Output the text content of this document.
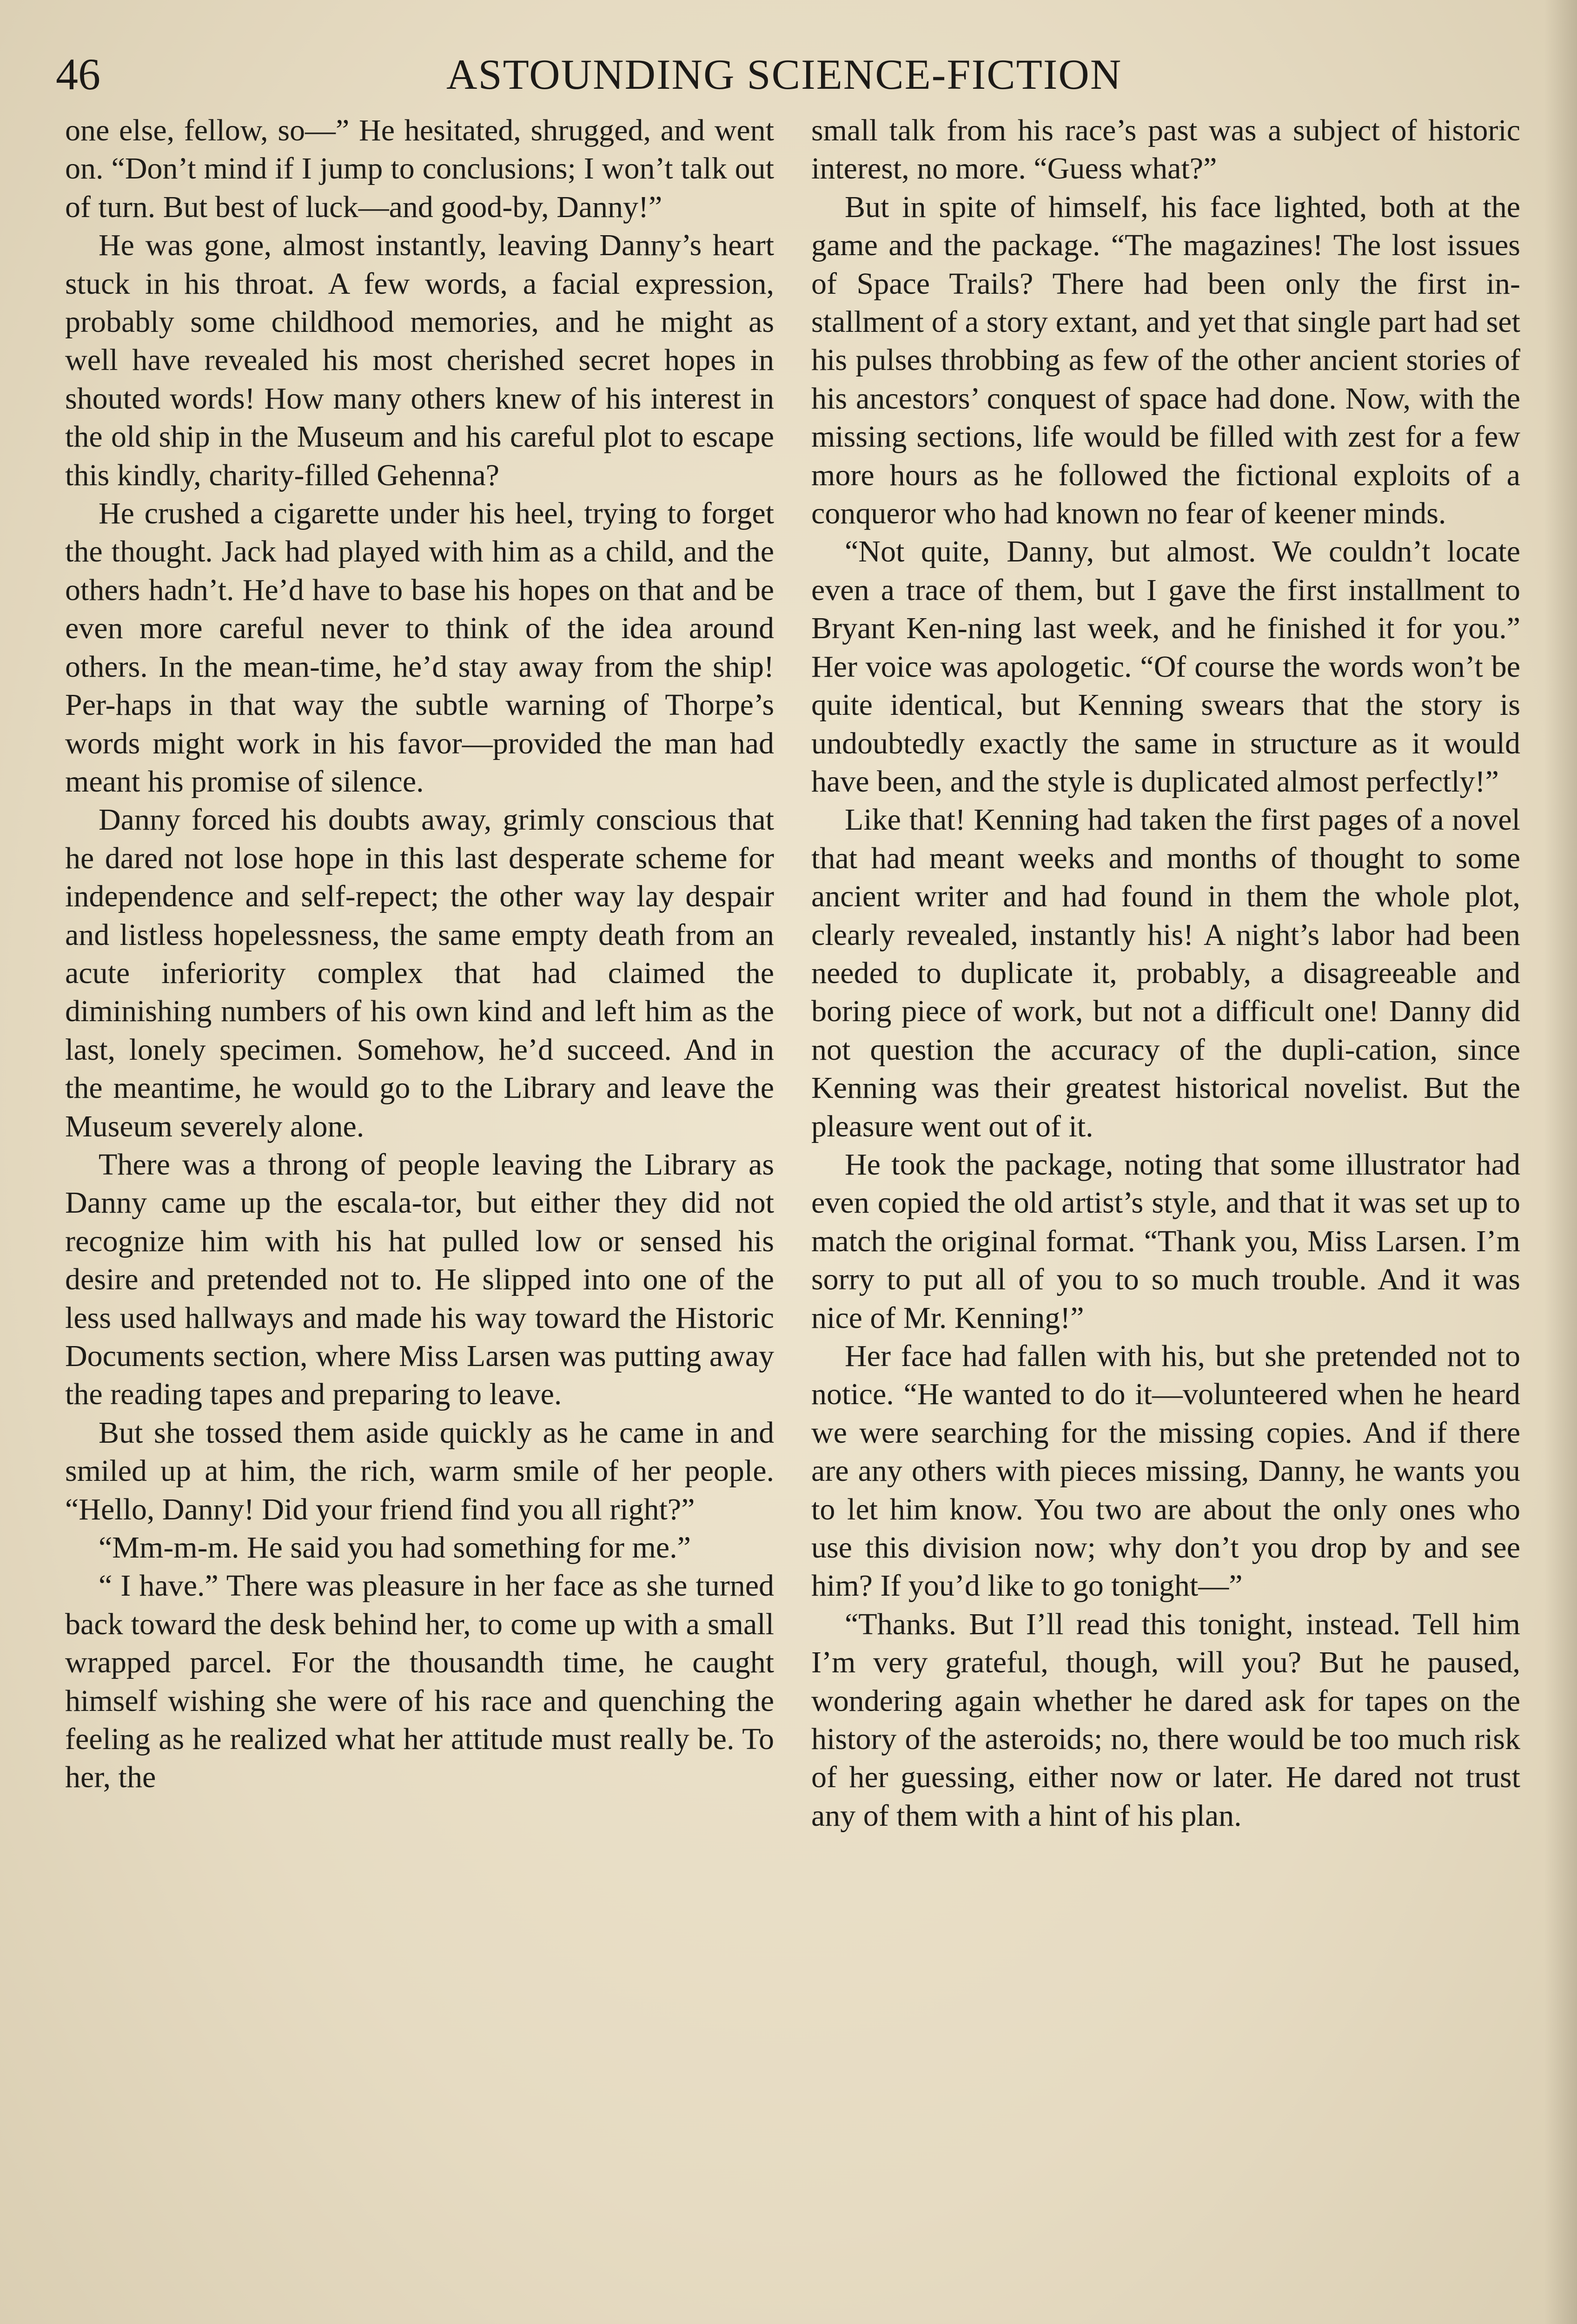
46	ASTOUNDING SCIENCE-FICTION

one else, fellow, so—” He hesitated, shrugged, and went on. “Don’t mind if I jump to conclusions; I won’t talk out of turn. But best of luck—and good-by, Danny!”

He was gone, almost instantly, leaving Danny’s heart stuck in his throat. A few words, a facial expression, probably some childhood memories, and he might as well have revealed his most cherished secret hopes in shouted words! How many others knew of his interest in the old ship in the Museum and his careful plot to escape this kindly, charity-filled Gehenna?

He crushed a cigarette under his heel, trying to forget the thought. Jack had played with him as a child, and the others hadn’t. He’d have to base his hopes on that and be even more careful never to think of the idea around others. In the mean-time, he’d stay away from the ship! Per-haps in that way the subtle warning of Thorpe’s words might work in his favor—provided the man had meant his promise of silence.

Danny forced his doubts away, grimly conscious that he dared not lose hope in this last desperate scheme for independence and self-repect; the other way lay despair and listless hopelessness, the same empty death from an acute inferiority complex that had claimed the diminishing numbers of his own kind and left him as the last, lonely specimen. Somehow, he’d succeed. And in the meantime, he would go to the Library and leave the Museum severely alone.

There was a throng of people leaving the Library as Danny came up the escala-tor, but either they did not recognize him with his hat pulled low or sensed his desire and pretended not to. He slipped into one of the less used hallways and made his way toward the Historic Documents section, where Miss Larsen was putting away the reading tapes and preparing to leave.

But she tossed them aside quickly as he came in and smiled up at him, the rich, warm smile of her people. “Hello, Danny! Did your friend find you all right?”

“Mm-m-m. He said you had something for me.”

“ I have.” There was pleasure in her face as she turned back toward the desk behind her, to come up with a small wrapped parcel. For the thousandth time, he caught himself wishing she were of his race and quenching the feeling as he realized what her attitude must really be. To her, the

small talk from his race’s past was a subject of historic interest, no more. “Guess what?”

But in spite of himself, his face lighted, both at the game and the package. “The magazines! The lost issues of Space Trails? There had been only the first in-stallment of a story extant, and yet that single part had set his pulses throbbing as few of the other ancient stories of his ancestors’ conquest of space had done. Now, with the missing sections, life would be filled with zest for a few more hours as he followed the fictional exploits of a conqueror who had known no fear of keener minds.

“Not quite, Danny, but almost. We couldn’t locate even a trace of them, but I gave the first installment to Bryant Ken-ning last week, and he finished it for you.” Her voice was apologetic. “Of course the words won’t be quite identical, but Kenning swears that the story is undoubtedly exactly the same in structure as it would have been, and the style is duplicated almost perfectly!”

Like that! Kenning had taken the first pages of a novel that had meant weeks and months of thought to some ancient writer and had found in them the whole plot, clearly revealed, instantly his! A night’s labor had been needed to duplicate it, probably, a disagreeable and boring piece of work, but not a difficult one! Danny did not question the accuracy of the dupli-cation, since Kenning was their greatest historical novelist. But the pleasure went out of it.

He took the package, noting that some illustrator had even copied the old artist’s style, and that it was set up to match the original format. “Thank you, Miss Larsen. I’m sorry to put all of you to so much trouble. And it was nice of Mr. Kenning!”

Her face had fallen with his, but she pretended not to notice. “He wanted to do it—volunteered when he heard we were searching for the missing copies. And if there are any others with pieces missing, Danny, he wants you to let him know. You two are about the only ones who use this division now; why don’t you drop by and see him? If you’d like to go tonight—”

“Thanks. But I’ll read this tonight, instead. Tell him I’m very grateful, though, will you? But he paused, wondering again whether he dared ask for tapes on the history of the asteroids; no, there would be too much risk of her guessing, either now or later. He dared not trust any of them with a hint of his plan.
